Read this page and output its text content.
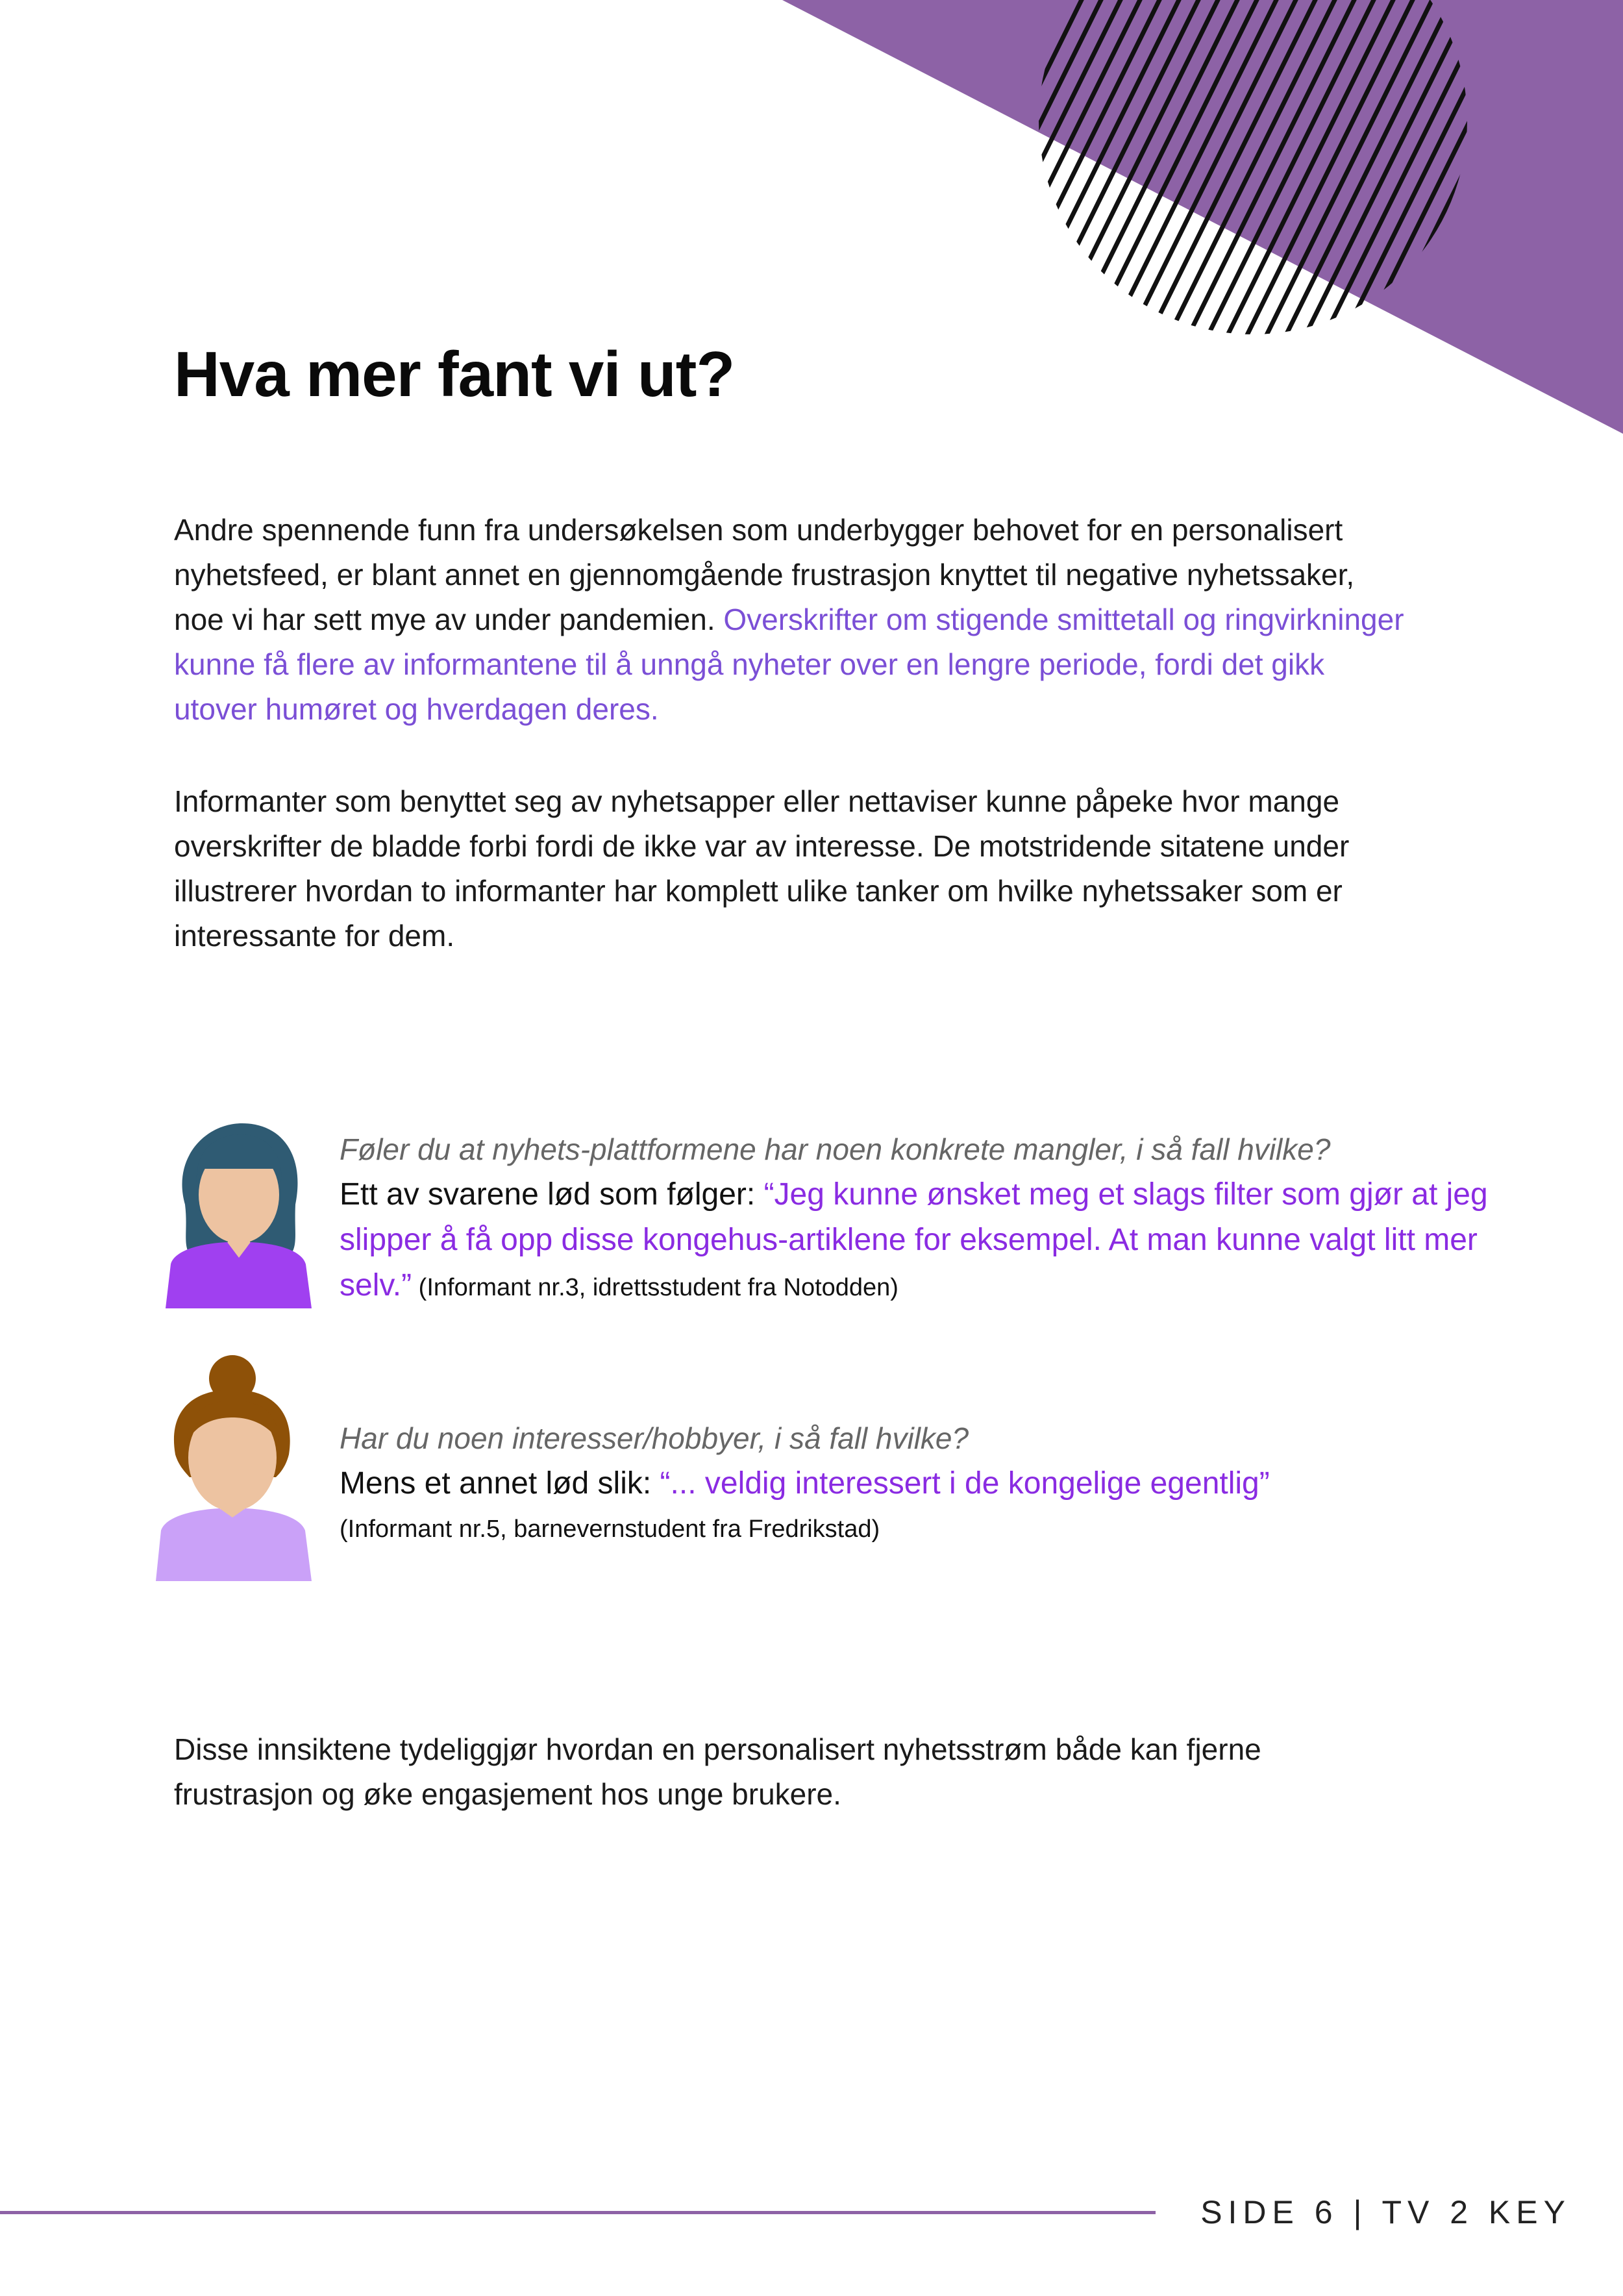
Hva mer fant vi ut?

Andre spennende funn fra undersøkelsen som underbygger behovet for en personalisert nyhetsfeed, er blant annet en gjennomgående frustrasjon knyttet til negative nyhetssaker, noe vi har sett mye av under pandemien. Overskrifter om stigende smittetall og ringvirkninger kunne få flere av informantene til å unngå nyheter over en lengre periode, fordi det gikk utover humøret og hverdagen deres.

Informanter som benyttet seg av nyhetsapper eller nettaviser kunne påpeke hvor mange overskrifter de bladde forbi fordi de ikke var av interesse. De motstridende sitatene under illustrerer hvordan to informanter har komplett ulike tanker om hvilke nyhetssaker som er interessante for dem.

Føler du at nyhets-plattformene har noen konkrete mangler, i så fall hvilke?
Ett av svarene lød som følger: “Jeg kunne ønsket meg et slags filter som gjør at jeg slipper å få opp disse kongehus-artiklene for eksempel. At man kunne valgt litt mer selv.” (Informant nr.3, idrettsstudent fra Notodden)
Har du noen interesser/hobbyer, i så fall hvilke?
Mens et annet lød slik: “... veldig interessert i de kongelige egentlig”
(Informant nr.5, barnevernstudent fra Fredrikstad)

Disse innsiktene tydeliggjør hvordan en personalisert nyhetsstrøm både kan fjerne frustrasjon og øke engasjement hos unge brukere.

SIDE 6 | TV 2 KEY
